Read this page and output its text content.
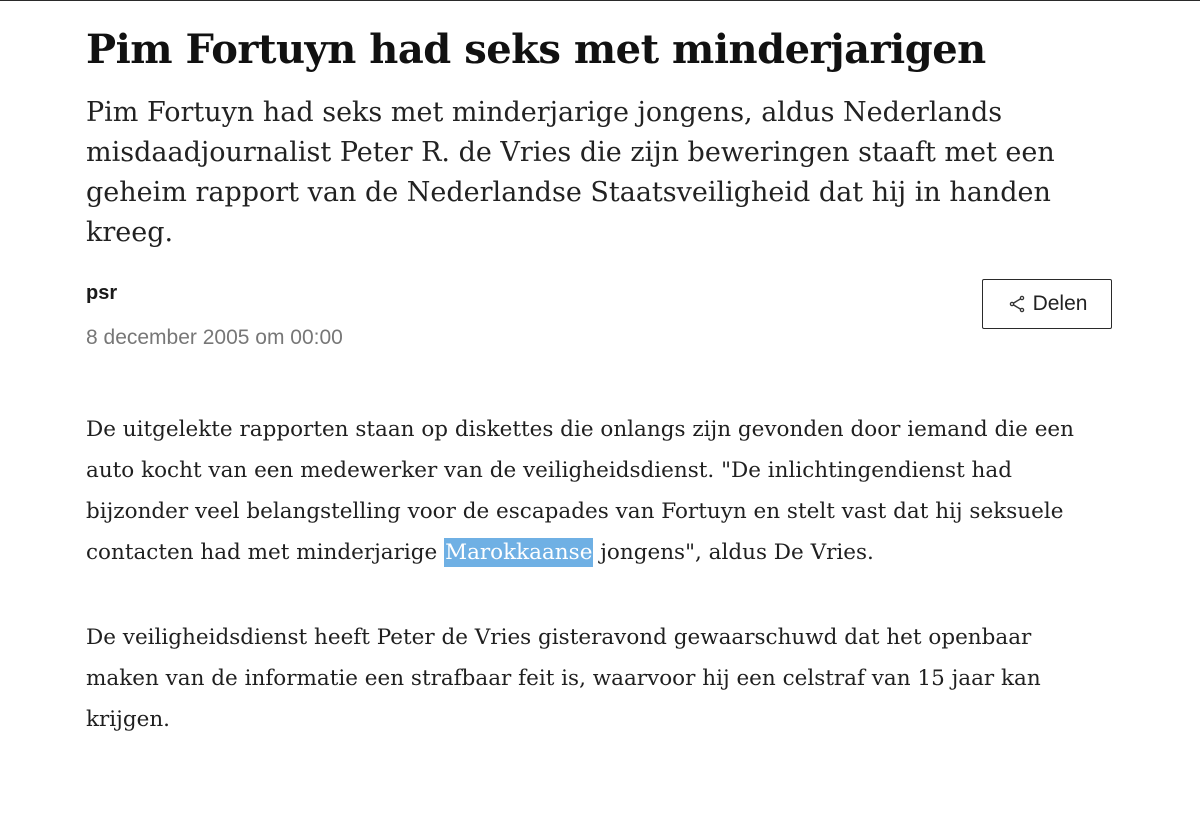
Pim Fortuyn had seks met minderjarigen

Pim Fortuyn had seks met minderjarige jongens, aldus Nederlands misdaadjournalist Peter R. de Vries die zijn beweringen staaft met een geheim rapport van de Nederlandse Staatsveiligheid dat hij in handen kreeg.

psr
8 december 2005 om 00:00
Delen

De uitgelekte rapporten staan op diskettes die onlangs zijn gevonden door iemand die een auto kocht van een medewerker van de veiligheidsdienst. "De inlichtingendienst had bijzonder veel belangstelling voor de escapades van Fortuyn en stelt vast dat hij seksuele contacten had met minderjarige Marokkaanse jongens", aldus De Vries.

De veiligheidsdienst heeft Peter de Vries gisteravond gewaarschuwd dat het openbaar maken van de informatie een strafbaar feit is, waarvoor hij een celstraf van 15 jaar kan krijgen.
